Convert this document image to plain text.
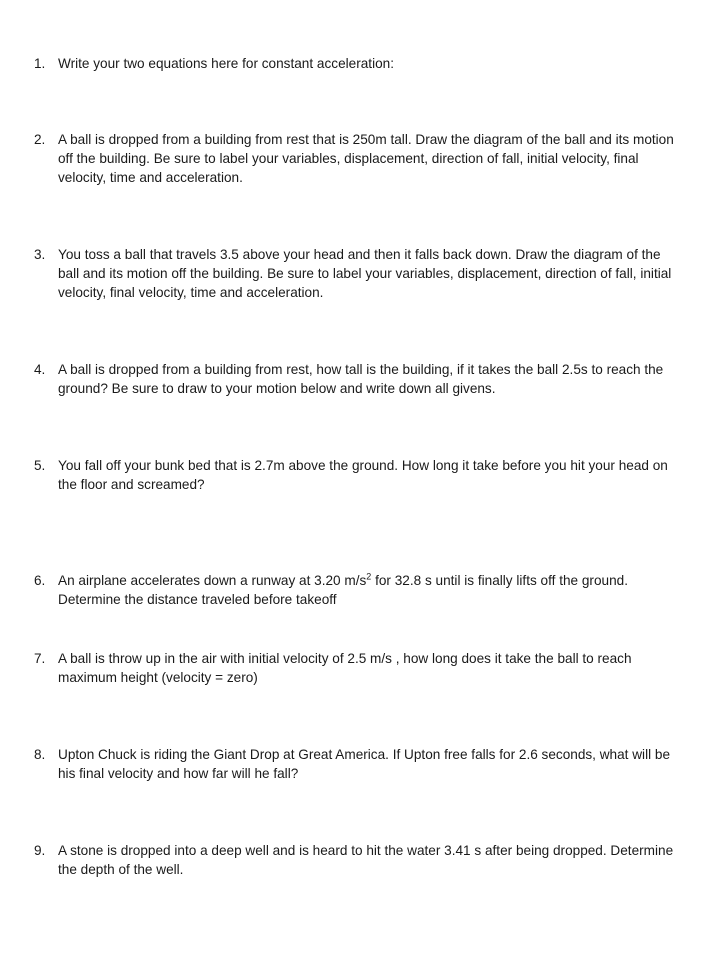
1. Write your two equations here for constant acceleration:
2. A ball is dropped from a building from rest that is 250m tall. Draw the diagram of the ball and its motion off the building. Be sure to label your variables, displacement, direction of fall, initial velocity, final velocity, time and acceleration.
3. You toss a ball that travels 3.5 above your head and then it falls back down. Draw the diagram of the ball and its motion off the building. Be sure to label your variables, displacement, direction of fall, initial velocity, final velocity, time and acceleration.
4. A ball is dropped from a building from rest, how tall is the building, if it takes the ball 2.5s to reach the ground? Be sure to draw to your motion below and write down all givens.
5. You fall off your bunk bed that is 2.7m above the ground. How long it take before you hit your head on the floor and screamed?
6. An airplane accelerates down a runway at 3.20 $m/s^2$ for 32.8 s until is finally lifts off the ground. Determine the distance traveled before takeoff
7. A ball is throw up in the air with initial velocity of 2.5 m/s , how long does it take the ball to reach maximum height (velocity = zero)
8. Upton Chuck is riding the Giant Drop at Great America. If Upton free falls for 2.6 seconds, what will be his final velocity and how far will he fall?
9. A stone is dropped into a deep well and is heard to hit the water 3.41 s after being dropped. Determine the depth of the well.
